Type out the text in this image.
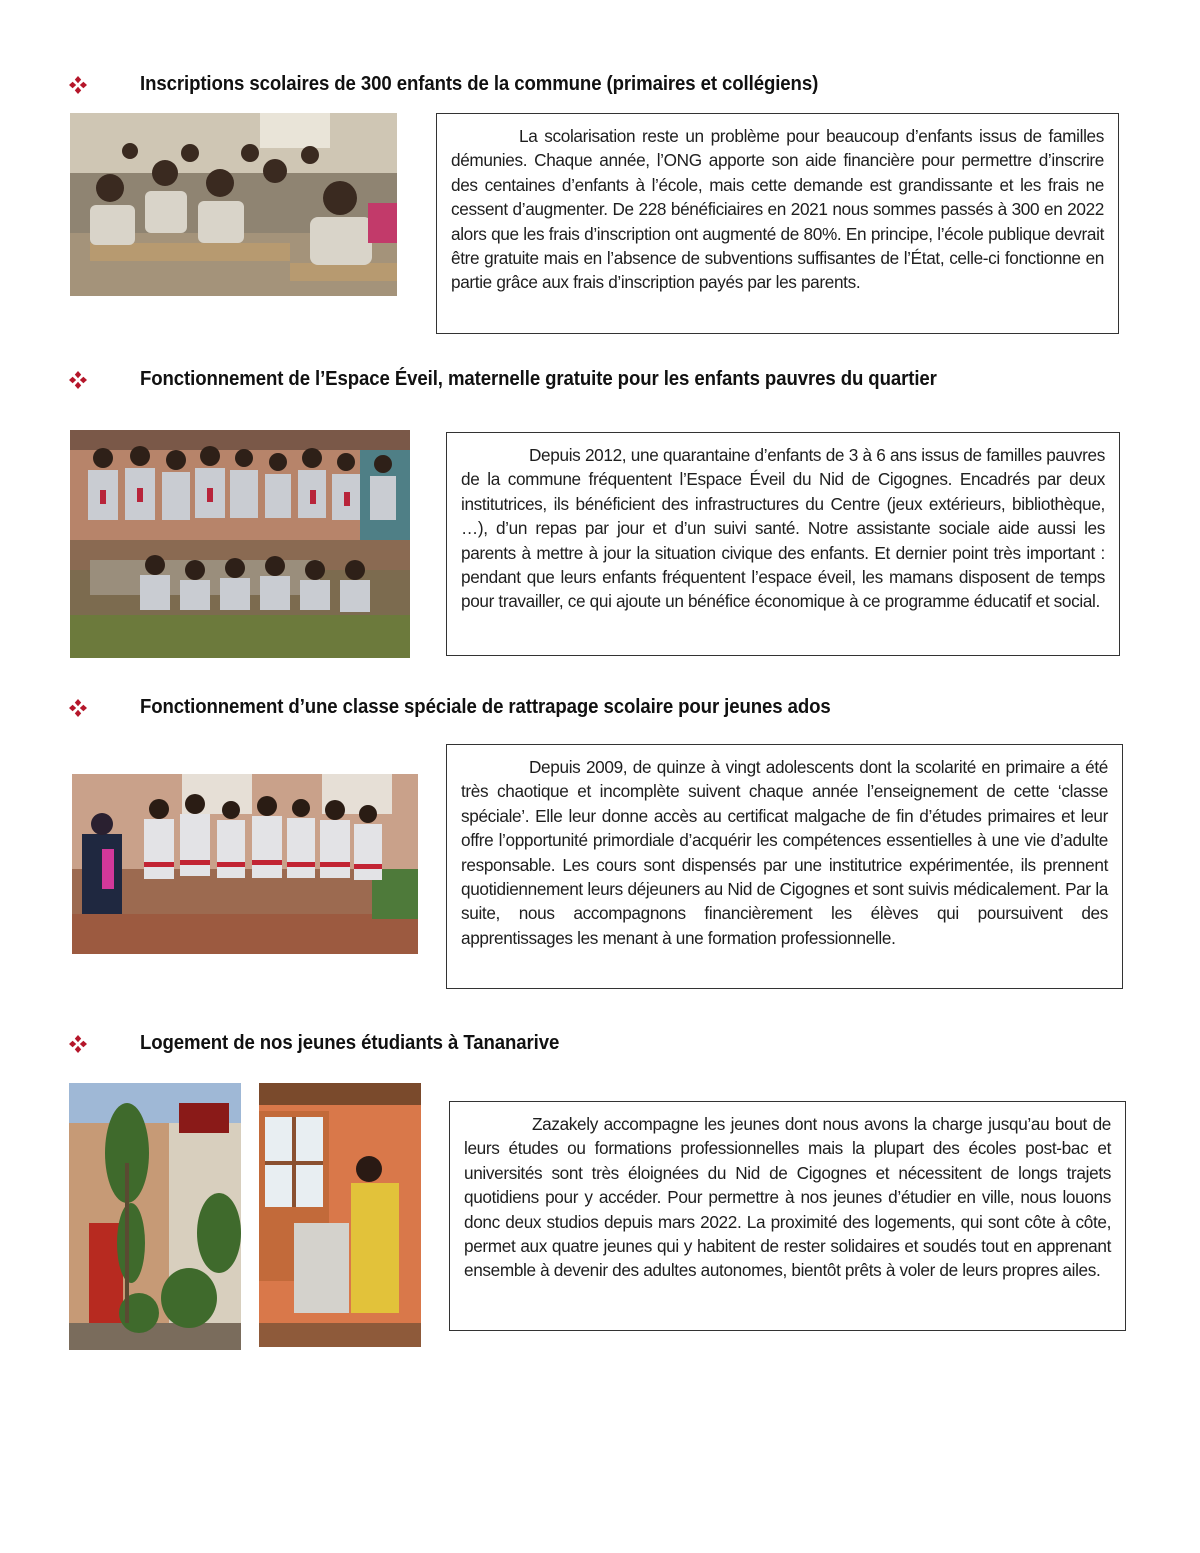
Inscriptions scolaires de 300 enfants de la commune (primaires et collégiens)
La scolarisation reste un problème pour beaucoup d’enfants issus de familles démunies. Chaque année, l’ONG apporte son aide financière pour permettre d’inscrire des centaines d’enfants à l’école, mais cette demande est grandissante et les frais ne cessent d’augmenter. De 228 bénéficiaires en 2021 nous sommes passés à 300 en 2022 alors que les frais d’inscription ont augmenté de 80%. En principe, l’école publique devrait être gratuite mais en l’absence de subventions suffisantes de l’État, celle-ci fonctionne en partie grâce aux frais d’inscription payés par les parents.
Fonctionnement de l’Espace Éveil, maternelle gratuite pour les enfants pauvres du quartier
Depuis 2012, une quarantaine d’enfants de 3 à 6 ans issus de familles pauvres de la commune fréquentent l’Espace Éveil du Nid de Cigognes. Encadrés par deux institutrices, ils bénéficient des infrastructures du Centre (jeux extérieurs, bibliothèque, …), d’un repas par jour et d’un suivi santé. Notre assistante sociale aide aussi les parents à mettre à jour la situation civique des enfants. Et dernier point très important : pendant que leurs enfants fréquentent l’espace éveil, les mamans disposent de temps pour travailler, ce qui ajoute un bénéfice économique à ce programme éducatif et social.
Fonctionnement d’une classe spéciale de rattrapage scolaire pour jeunes ados
Depuis 2009, de quinze à vingt adolescents dont la scolarité en primaire a été très chaotique et incomplète suivent chaque année l’enseignement de cette ‘classe spéciale’. Elle leur donne accès au certificat malgache de fin d’études primaires et leur offre l’opportunité primordiale d’acquérir les compétences essentielles à une vie d’adulte responsable. Les cours sont dispensés par une institutrice expérimentée, ils prennent quotidiennement leurs déjeuners au Nid de Cigognes et sont suivis médicalement. Par la suite, nous accompagnons financièrement les élèves qui poursuivent des apprentissages les menant à une formation professionnelle.
Logement de nos jeunes étudiants à Tananarive
Zazakely accompagne les jeunes dont nous avons la charge jusqu’au bout de leurs études ou formations professionnelles mais la plupart des écoles post-bac et universités sont très éloignées du Nid de Cigognes et nécessitent de longs trajets quotidiens pour y accéder. Pour permettre à nos jeunes d’étudier en ville, nous louons donc deux studios depuis mars 2022. La proximité des logements, qui sont côte à côte, permet aux quatre jeunes qui y habitent de rester solidaires et soudés tout en apprenant ensemble à devenir des adultes autonomes, bientôt prêts à voler de leurs propres ailes.
